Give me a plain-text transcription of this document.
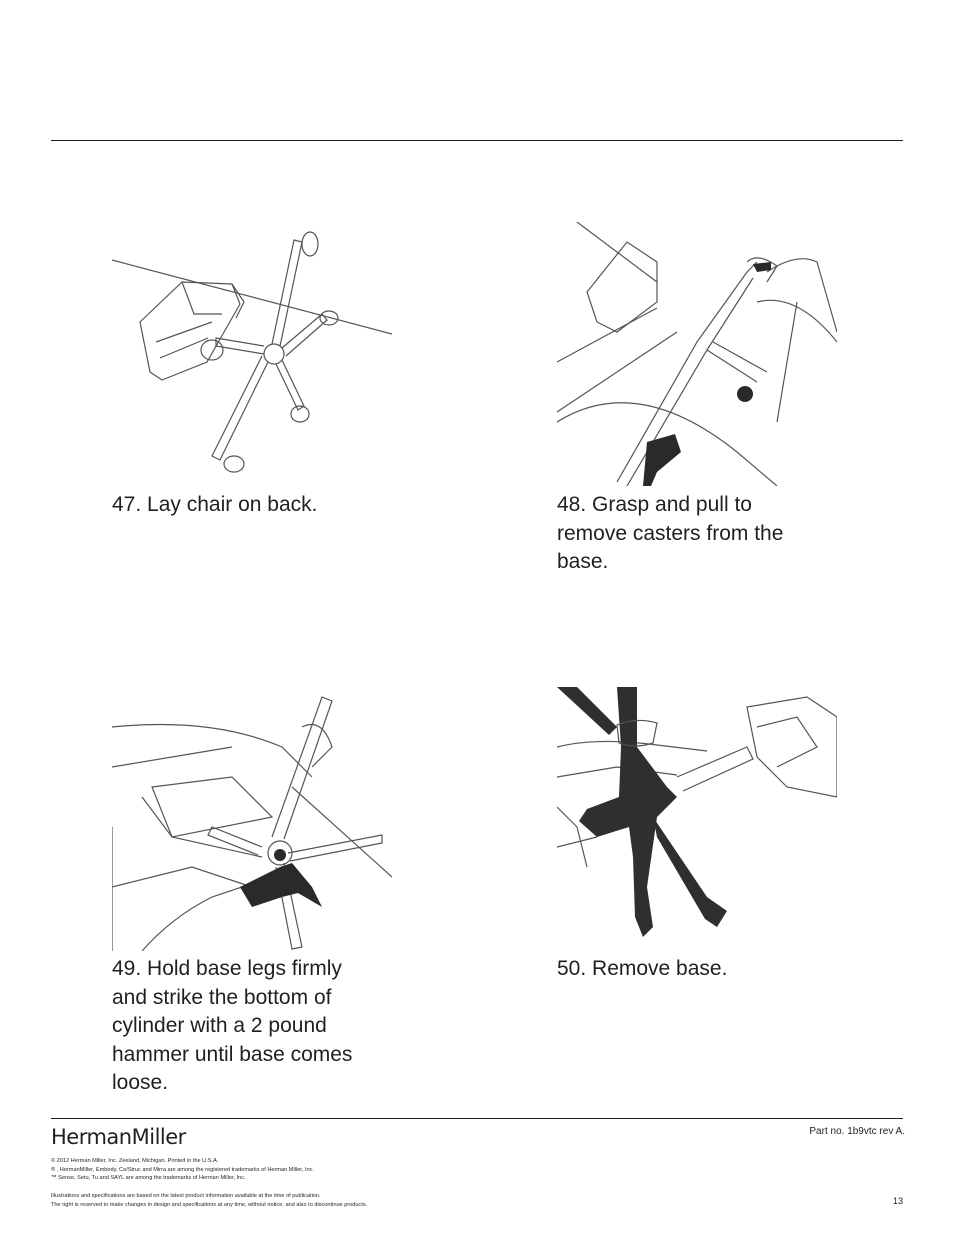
47. Lay chair on back.	48. Grasp and pull to remove casters from the base.
49. Hold base legs firmly and strike the bottom of cylinder with a 2 pound hammer until base comes loose.
50. Remove base.
HermanMiller	Part no. 1b9vtc rev A.
© 2012 Herman Miller, Inc. Zeeland, Michigan. Printed in the U.S.A.
® , HermanMiller, Embody, Co/Struc and Mirra are among the registered trademarks of Herman Miller, Inc.
™ Sense, Setu, Tu and SAYL are among the trademarks of Herman Miller, Inc.
Illustrations and specifications are based on the latest product information available at the time of publication.
The right is reserved to make changes in design and specifications at any time, without notice, and also to discontinue products.	13
